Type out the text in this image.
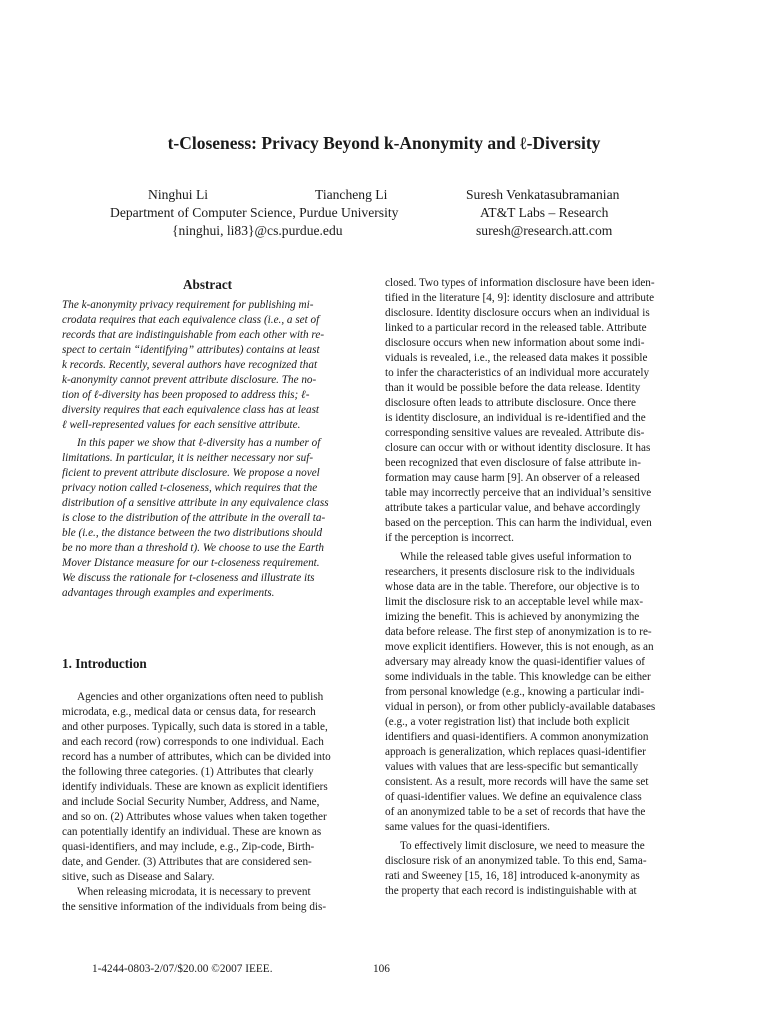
t-Closeness: Privacy Beyond k-Anonymity and ℓ-Diversity
Ninghui Li	Tiancheng Li	Suresh Venkatasubramanian
Department of Computer Science, Purdue University	AT&T Labs – Research
{ninghui, li83}@cs.purdue.edu	suresh@research.att.com
Abstract
The k-anonymity privacy requirement for publishing mi-
crodata requires that each equivalence class (i.e., a set of
records that are indistinguishable from each other with re-
spect to certain “identifying” attributes) contains at least
k records. Recently, several authors have recognized that
k-anonymity cannot prevent attribute disclosure. The no-
tion of ℓ-diversity has been proposed to address this; ℓ-
diversity requires that each equivalence class has at least
ℓ well-represented values for each sensitive attribute.
In this paper we show that ℓ-diversity has a number of
limitations. In particular, it is neither necessary nor suf-
ficient to prevent attribute disclosure. We propose a novel
privacy notion called t-closeness, which requires that the
distribution of a sensitive attribute in any equivalence class
is close to the distribution of the attribute in the overall ta-
ble (i.e., the distance between the two distributions should
be no more than a threshold t). We choose to use the Earth
Mover Distance measure for our t-closeness requirement.
We discuss the rationale for t-closeness and illustrate its
advantages through examples and experiments.
1. Introduction
Agencies and other organizations often need to publish
microdata, e.g., medical data or census data, for research
and other purposes. Typically, such data is stored in a table,
and each record (row) corresponds to one individual. Each
record has a number of attributes, which can be divided into
the following three categories. (1) Attributes that clearly
identify individuals. These are known as explicit identifiers
and include Social Security Number, Address, and Name,
and so on. (2) Attributes whose values when taken together
can potentially identify an individual. These are known as
quasi-identifiers, and may include, e.g., Zip-code, Birth-
date, and Gender. (3) Attributes that are considered sen-
sitive, such as Disease and Salary.
When releasing microdata, it is necessary to prevent
the sensitive information of the individuals from being dis-
closed. Two types of information disclosure have been iden-
tified in the literature [4, 9]: identity disclosure and attribute
disclosure. Identity disclosure occurs when an individual is
linked to a particular record in the released table. Attribute
disclosure occurs when new information about some indi-
viduals is revealed, i.e., the released data makes it possible
to infer the characteristics of an individual more accurately
than it would be possible before the data release. Identity
disclosure often leads to attribute disclosure. Once there
is identity disclosure, an individual is re-identified and the
corresponding sensitive values are revealed. Attribute dis-
closure can occur with or without identity disclosure. It has
been recognized that even disclosure of false attribute in-
formation may cause harm [9]. An observer of a released
table may incorrectly perceive that an individual’s sensitive
attribute takes a particular value, and behave accordingly
based on the perception. This can harm the individual, even
if the perception is incorrect.
While the released table gives useful information to
researchers, it presents disclosure risk to the individuals
whose data are in the table. Therefore, our objective is to
limit the disclosure risk to an acceptable level while max-
imizing the benefit. This is achieved by anonymizing the
data before release. The first step of anonymization is to re-
move explicit identifiers. However, this is not enough, as an
adversary may already know the quasi-identifier values of
some individuals in the table. This knowledge can be either
from personal knowledge (e.g., knowing a particular indi-
vidual in person), or from other publicly-available databases
(e.g., a voter registration list) that include both explicit
identifiers and quasi-identifiers. A common anonymization
approach is generalization, which replaces quasi-identifier
values with values that are less-specific but semantically
consistent. As a result, more records will have the same set
of quasi-identifier values. We define an equivalence class
of an anonymized table to be a set of records that have the
same values for the quasi-identifiers.
To effectively limit disclosure, we need to measure the
disclosure risk of an anonymized table. To this end, Sama-
rati and Sweeney [15, 16, 18] introduced k-anonymity as
the property that each record is indistinguishable with at
1-4244-0803-2/07/$20.00 ©2007 IEEE.	106
